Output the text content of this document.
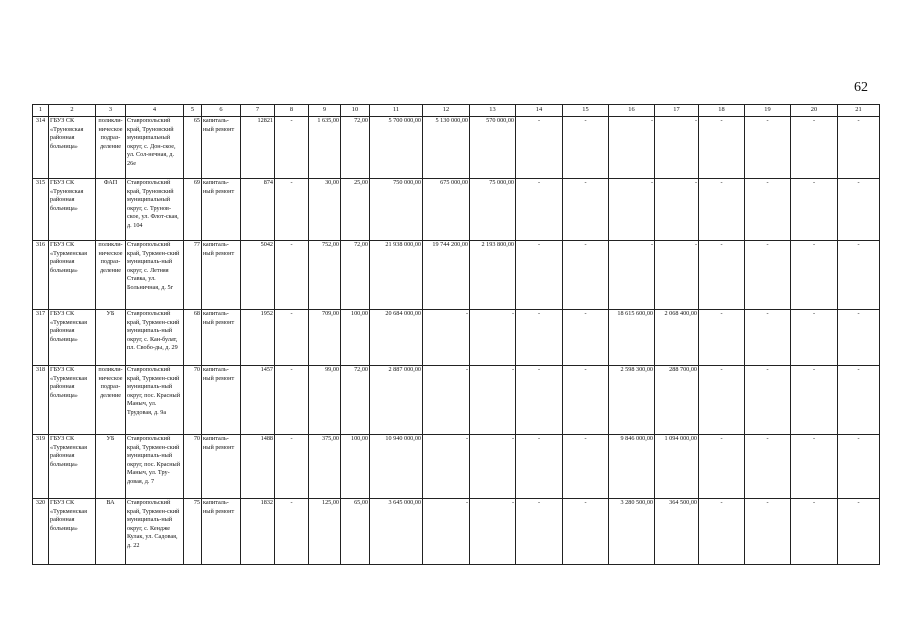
62
1	2	3	4	5	6	7	8	9	10	11	12	13	14	15	16	17	18	19	20	21
314	ГБУЗ СК «Труновская районная больница»	поликли-ническое подраз-деление	Ставропольский край, Труновский муниципальный округ, с. Дон-ское, ул. Сол-нечная, д. 26е	65	капиталь-ный ремонт	12821	-	1 635,00	72,00	5 700 000,00	5 130 000,00	570 000,00	-	-	-	-	-	-	-	-
315	ГБУЗ СК «Труновская районная больница»	ФАП	Ставропольский край, Труновский муниципальный округ, с. Трунов-ское, ул. Флот-ская, д. 104	69	капиталь-ный ремонт	874	-	30,00	25,00	750 000,00	675 000,00	75 000,00	-	-	-	-	-	-	-	-
316	ГБУЗ СК «Туркменская районная больница»	поликли-ническое подраз-деление	Ставропольский край, Туркмен-ский муниципаль-ный округ, с. Летняя Ставка, ул. Больничная, д. 5г	77	капиталь-ный ремонт	5042	-	752,00	72,00	21 938 000,00	19 744 200,00	2 193 800,00	-	-	-	-	-	-	-	-
317	ГБУЗ СК «Туркменская районная больница»	УБ	Ставропольский край, Туркмен-ский муниципаль-ный округ, с. Кан-булат, пл. Свобо-ды, д. 29	68	капиталь-ный ремонт	1952	-	709,00	100,00	20 684 000,00	-	-	-	-	18 615 600,00	2 068 400,00	-	-	-	-
318	ГБУЗ СК «Туркменская районная больница»	поликли-ническое подраз-деление	Ставропольский край, Туркмен-ский муниципаль-ный округ, пос. Красный Маныч, ул. Трудовая, д. 9а	70	капиталь-ный ремонт	1457	-	99,00	72,00	2 887 000,00	-	-	-	-	2 598 300,00	288 700,00	-	-	-	-
319	ГБУЗ СК «Туркменская районная больница»	УБ	Ставропольский край, Туркмен-ский муниципаль-ный округ, пос. Красный Маныч, ул. Тру-довая, д. 7	70	капиталь-ный ремонт	1488	-	375,00	100,00	10 940 000,00	-	-	-	-	9 846 000,00	1 094 000,00	-	-	-	-
320	ГБУЗ СК «Туркменская районная больница»	ВА	Ставропольский край, Туркмен-ский муниципаль-ный округ, с. Кендже Кулак, ул. Садовая, д. 22	75	капиталь-ный ремонт	1832	-	125,00	65,00	3 645 000,00	-	-	-	-	3 280 500,00	364 500,00	-	-	-	-
